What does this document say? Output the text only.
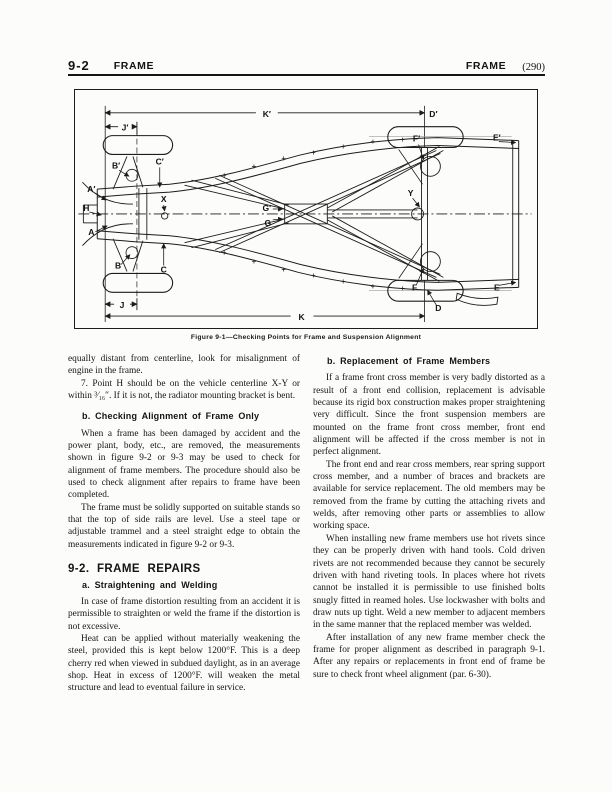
9-2 FRAME	FRAME (290)
K′
J′
D′
F′	E′
B′	C′
A′
H
X
G′
G
Y
A
B	C
J
K
D
F	E
Figure 9-1—Checking Points for Frame and Suspension Alignment

equally distant from centerline, look for misalignment of engine in the frame.

7. Point H should be on the vehicle centerline X-Y or within ³⁄₁₆″. If it is not, the radiator mounting bracket is bent.

b. Checking Alignment of Frame Only

When a frame has been damaged by accident and the power plant, body, etc., are removed, the measurements shown in figure 9-2 or 9-3 may be used to check for alignment of frame members. The procedure should also be used to check alignment after repairs to frame have been completed.

The frame must be solidly supported on suitable stands so that the top of side rails are level. Use a steel tape or adjustable trammel and a steel straight edge to obtain the measurements indicated in figure 9-2 or 9-3.

9-2. FRAME REPAIRS

a. Straightening and Welding

In case of frame distortion resulting from an accident it is permissible to straighten or weld the frame if the distortion is not excessive.

Heat can be applied without materially weakening the steel, provided this is kept below 1200°F. This is a deep cherry red when viewed in subdued daylight, as in an average shop. Heat in excess of 1200°F. will weaken the metal structure and lead to eventual failure in service.

b. Replacement of Frame Members

If a frame front cross member is very badly distorted as a result of a front end collision, replacement is advisable because its rigid box construction makes proper straightening very difficult. Since the front suspension members are mounted on the frame front cross member, front end alignment will be affected if the cross member is not in perfect alignment.

The front end and rear cross members, rear spring support cross member, and a number of braces and brackets are available for service replacement. The old members may be removed from the frame by cutting the attaching rivets and welds, after removing other parts or assemblies to allow working space.

When installing new frame members use hot rivets since they can be properly driven with hand tools. Cold driven rivets are not recommended because they cannot be securely driven with hand riveting tools. In places where hot rivets cannot be installed it is permissible to use finished bolts snugly fitted in reamed holes. Use lockwasher with bolts and draw nuts up tight. Weld a new member to adjacent members in the same manner that the replaced member was welded.

After installation of any new frame member check the frame for proper alignment as described in paragraph 9-1. After any repairs or replacements in front end of frame be sure to check front wheel alignment (par. 6-30).
